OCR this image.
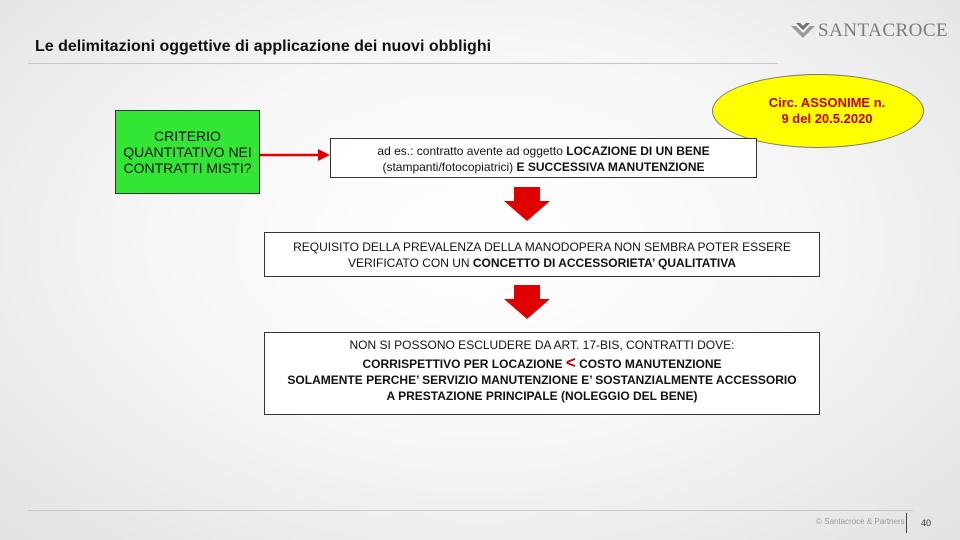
Le delimitazioni oggettive di applicazione dei nuovi obblighi
SANTACROCE
Circ. ASSONIME n.
9 del 20.5.2020
CRITERIO QUANTITATIVO NEI CONTRATTI MISTI?
ad es.: contratto avente ad oggetto LOCAZIONE DI UN BENE
(stampanti/fotocopiatrici) E SUCCESSIVA MANUTENZIONE
REQUISITO DELLA PREVALENZA DELLA MANODOPERA NON SEMBRA POTER ESSERE VERIFICATO CON UN CONCETTO DI ACCESSORIETA’ QUALITATIVA
NON SI POSSONO ESCLUDERE DA ART. 17-BIS, CONTRATTI DOVE:
CORRISPETTIVO PER LOCAZIONE < COSTO MANUTENZIONE
SOLAMENTE PERCHE’ SERVIZIO MANUTENZIONE E’ SOSTANZIALMENTE ACCESSORIO A PRESTAZIONE PRINCIPALE (NOLEGGIO DEL BENE)
© Santacroce & Partners 40
